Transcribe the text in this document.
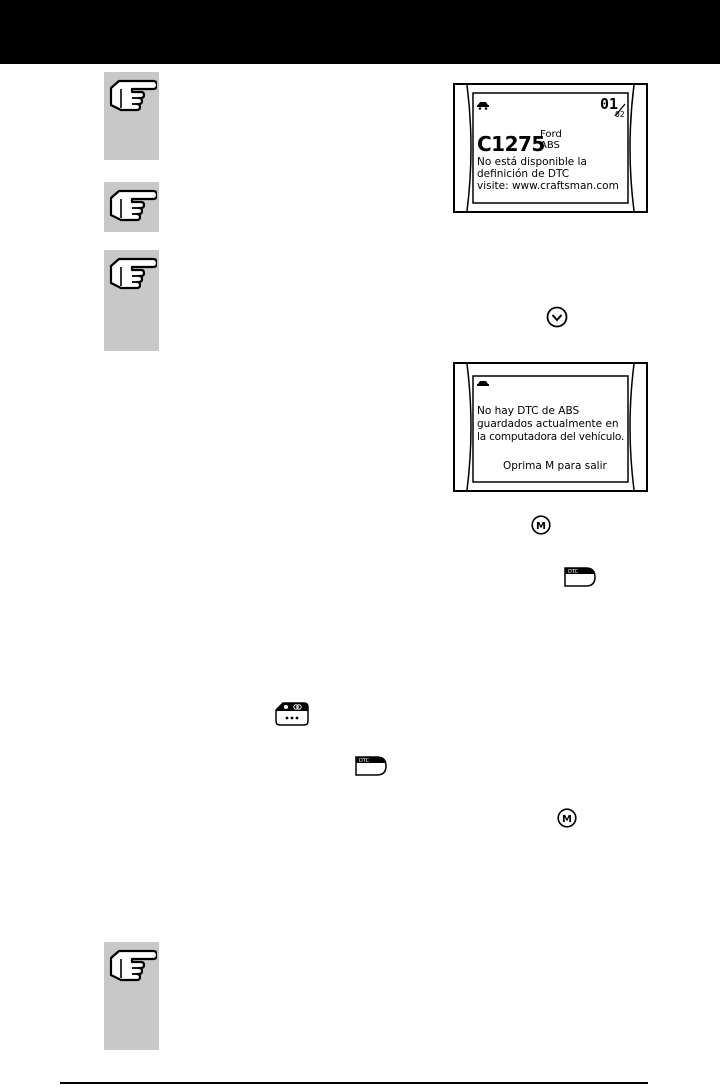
01
02
C1275
Ford
ABS
No está disponible la
definición de DTC
visite: www.craftsman.com
No hay DTC de ABS
guardados actualmente en
la computadora del vehículo.
Oprima M para salir
M
M
DTC
DTC
